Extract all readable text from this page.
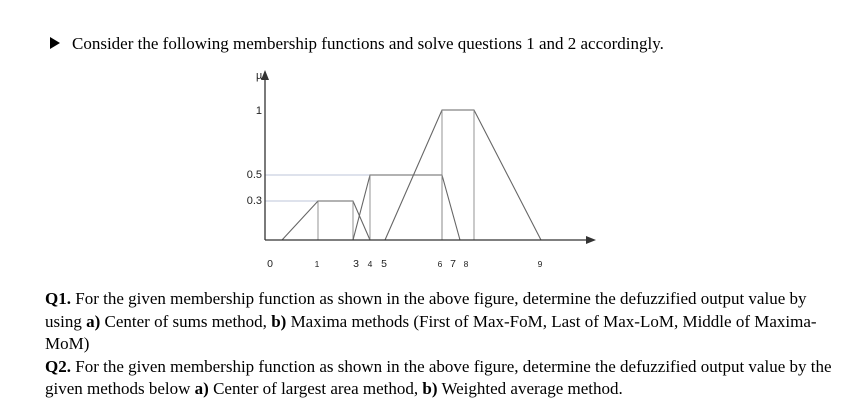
Consider the following membership functions and solve questions 1 and 2 accordingly.
µ
1
0.5
0.3
0	1	3 4 5	6 7 8	9

Q1. For the given membership function as shown in the above figure, determine the defuzzified output value by using a) Center of sums method, b) Maxima methods (First of Max-FoM, Last of Max-LoM, Middle of Maxima-MoM)

Q2. For the given membership function as shown in the above figure, determine the defuzzified output value by the given methods below a) Center of largest area method, b) Weighted average method.
